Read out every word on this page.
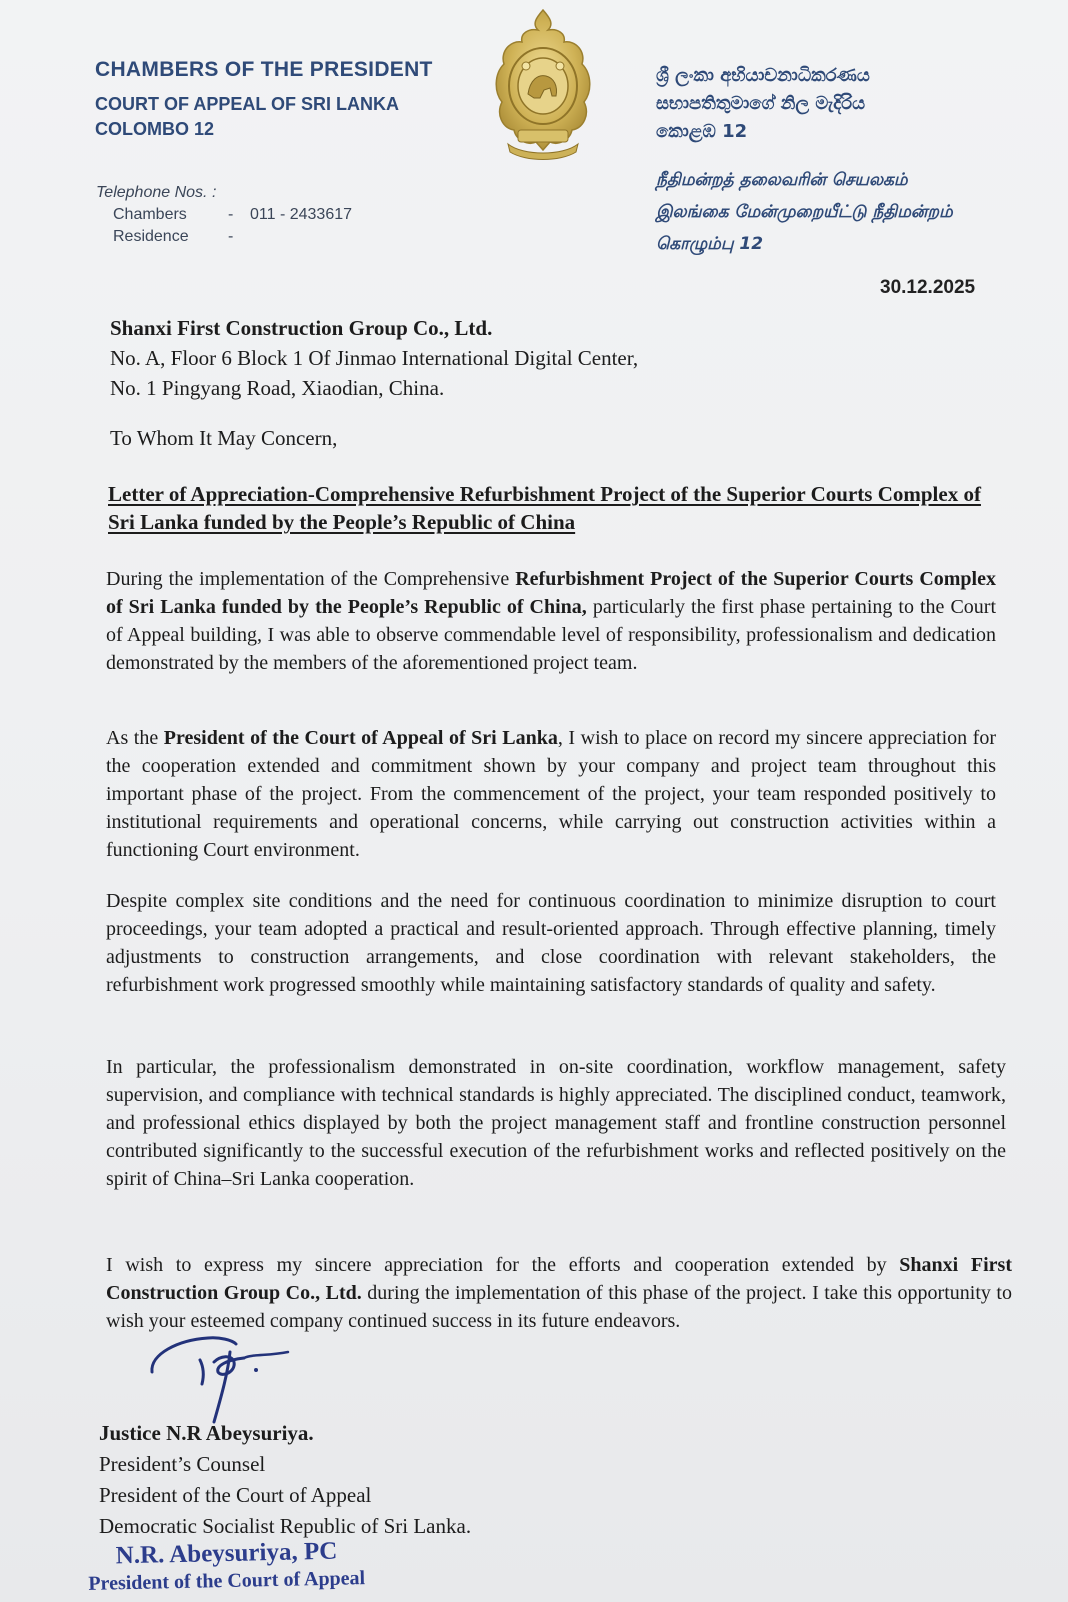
CHAMBERS OF THE PRESIDENT
COURT OF APPEAL OF SRI LANKA
COLOMBO 12
Telephone Nos. :
Chambers	-	011 - 2433617
Residence	-
ශ්‍රී ලංකා අභියාචනාධිකරණය
සභාපතිතුමාගේ නිල මැදිරිය
කොළඹ 12
நீதிமன்றத் தலைவரின் செயலகம்
இலங்கை மேன்முறையீட்டு நீதிமன்றம்
கொழும்பு 12
30.12.2025
Shanxi First Construction Group Co., Ltd.
No. A, Floor 6 Block 1 Of Jinmao International Digital Center,
No. 1 Pingyang Road, Xiaodian, China.
To Whom It May Concern,
Letter of Appreciation-Comprehensive Refurbishment Project of the Superior Courts Complex of Sri Lanka funded by the People’s Republic of China
During the implementation of the Comprehensive Refurbishment Project of the Superior Courts Complex of Sri Lanka funded by the People’s Republic of China, particularly the first phase pertaining to the Court of Appeal building, I was able to observe commendable level of responsibility, professionalism and dedication demonstrated by the members of the aforementioned project team.
As the President of the Court of Appeal of Sri Lanka, I wish to place on record my sincere appreciation for the cooperation extended and commitment shown by your company and project team throughout this important phase of the project. From the commencement of the project, your team responded positively to institutional requirements and operational concerns, while carrying out construction activities within a functioning Court environment.
Despite complex site conditions and the need for continuous coordination to minimize disruption to court proceedings, your team adopted a practical and result-oriented approach. Through effective planning, timely adjustments to construction arrangements, and close coordination with relevant stakeholders, the refurbishment work progressed smoothly while maintaining satisfactory standards of quality and safety.
In particular, the professionalism demonstrated in on-site coordination, workflow management, safety supervision, and compliance with technical standards is highly appreciated. The disciplined conduct, teamwork, and professional ethics displayed by both the project management staff and frontline construction personnel contributed significantly to the successful execution of the refurbishment works and reflected positively on the spirit of China–Sri Lanka cooperation.
I wish to express my sincere appreciation for the efforts and cooperation extended by Shanxi First Construction Group Co., Ltd. during the implementation of this phase of the project. I take this opportunity to wish your esteemed company continued success in its future endeavors.
Justice N.R Abeysuriya.
President’s Counsel
President of the Court of Appeal
Democratic Socialist Republic of Sri Lanka.
N.R. Abeysuriya, PC
President of the Court of Appeal
